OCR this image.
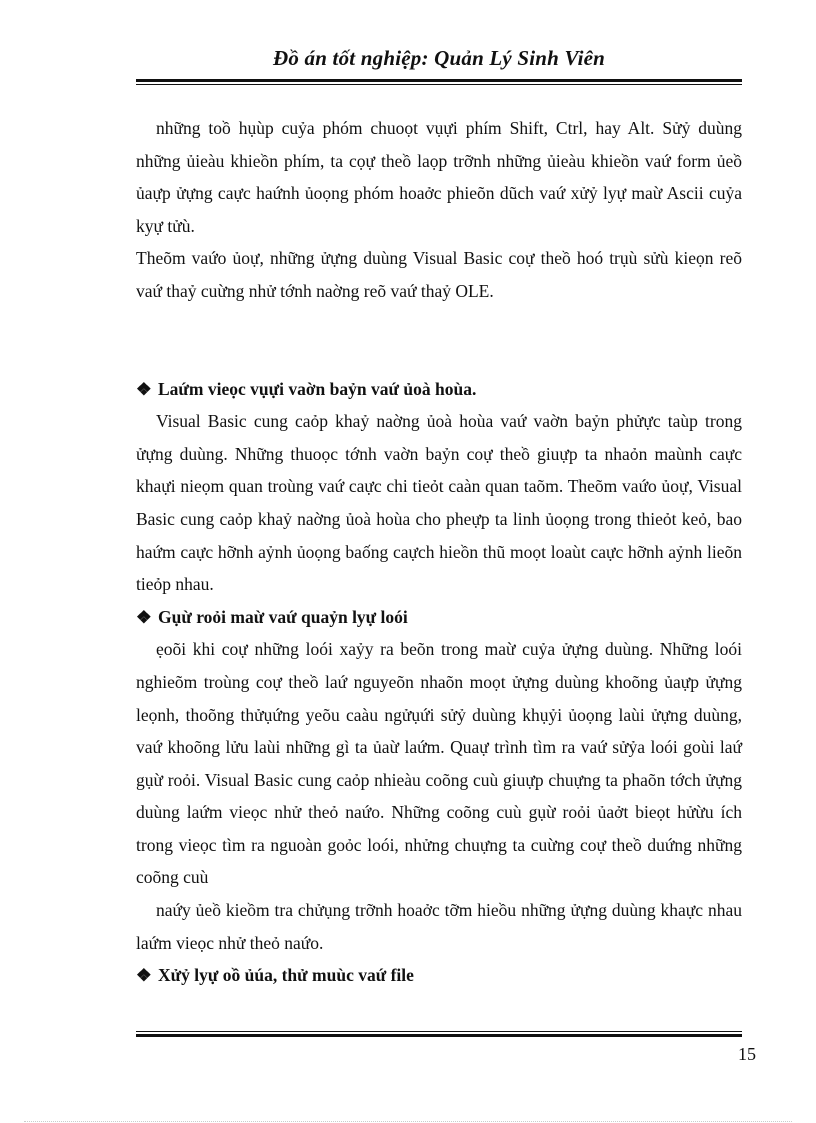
Đồ án tốt nghiệp: Quản Lý Sinh Viên

những toồ hụùp cuỷa phóm chuoọt vụựi phím Shift, Ctrl, hay Alt. Sửỷ duùng những ủieàu khieồn phím, ta cọự theồ laọp trỡnh những ủieàu khieồn vaứ form ủeồ ủaựp ửựng caực haứnh ủoọng phóm hoaởc phieõn dũch vaứ xửỷ lyự maừ Ascii cuỷa kyự tửù.

Theõm vaứo ủoự, những ửựng duùng Visual Basic coự theồ hoó trụù sửù kieọn reõ vaứ thaỷ cuừng nhử tớnh naờng reõ vaứ thaỷ OLE.

❖ Laứm vieọc vụựi vaờn baỷn vaứ ủoà hoùa.

Visual Basic cung caỏp khaỷ naờng ủoà hoùa vaứ vaờn baỷn phửực taùp trong ửựng duùng. Những thuoọc tớnh vaờn baỷn coự theồ giuựp ta nhaỏn maùnh caực khaựi nieọm quan troùng vaứ caực chi tieỏt caàn quan taõm. Theõm vaứo ủoự, Visual Basic cung caỏp khaỷ naờng ủoà hoùa cho pheựp ta linh ủoọng trong thieỏt keỏ, bao haứm caực hỡnh aỷnh ủoọng baống caựch hieồn thũ moọt loaùt caực hỡnh aỷnh lieõn tieỏp nhau.

❖ Gụừ roỏi maừ vaứ quaỷn lyự loói

ẹoõi khi coự những loói xaỷy ra beõn trong maừ cuỷa ửựng duùng. Những loói nghieõm troùng coự theồ laứ nguyeõn nhaõn moọt ửựng duùng khoõng ủaựp ửựng leọnh, thoõng thửụứng yeõu caàu ngửụứi sửỷ duùng khụỷi ủoọng laùi ửựng duùng, vaứ khoõng lửu laùi những gì ta ủaừ laứm. Quaự trình tìm ra vaứ sửỷa loói goùi laứ gụừ roỏi. Visual Basic cung caỏp nhieàu coõng cuù giuựp chuựng ta phaõn tớch ửựng duùng laứm vieọc nhử theỏ naứo. Những coõng cuù gụừ roỏi ủaởt bieọt hửừu ích trong vieọc tìm ra nguoàn goỏc loói, nhửng chuựng ta cuừng coự theồ duứng những coõng cuù

naứy ủeồ kieồm tra chửụng trỡnh hoaởc tỡm hieồu những ửựng duùng khaực nhau laứm vieọc nhử theỏ naứo.

❖ Xửỷ lyự oồ ủúa, thử muùc vaứ file

15
